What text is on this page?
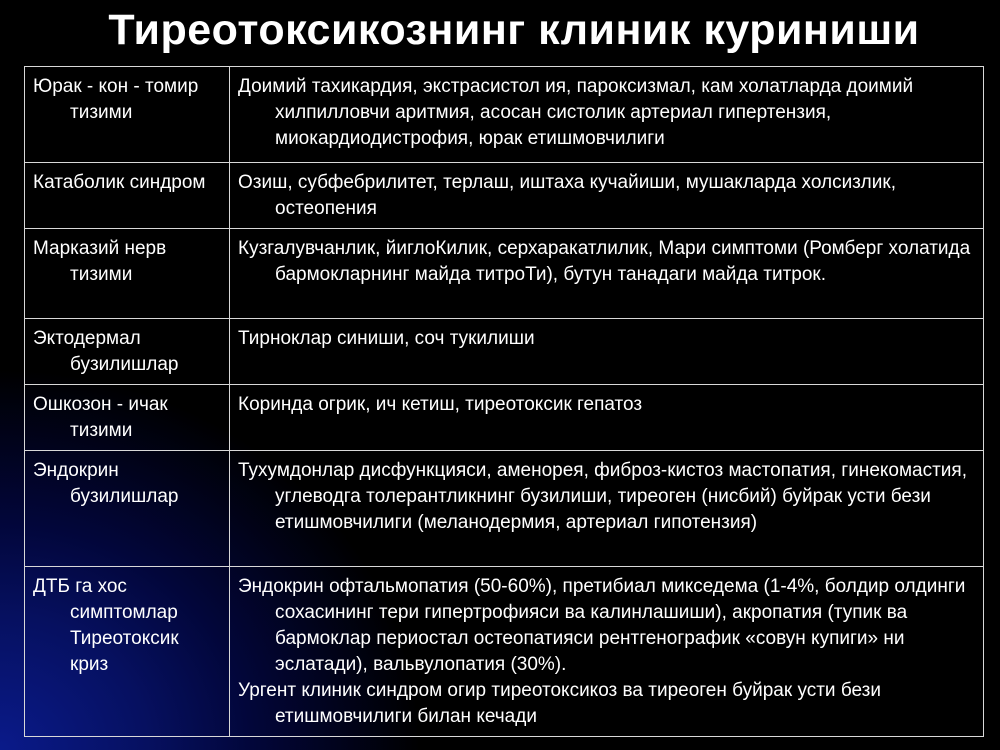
Тиреотоксикознинг клиник куриниши
Юрак - кон - томир тизими	Доимий тахикардия, экстрасистол ия, пароксизмал, кам холатларда доимий хилпилловчи аритмия, асосан систолик артериал гипертензия, миокардиодистрофия, юрак етишмовчилиги

Катаболик синдром	Озиш, субфебрилитет, терлаш, иштаха кучайиши, мушакларда холсизлик, остеопения

Марказий нерв тизими	Кузгалувчанлик, йиглоКилик, серхаракатлилик, Мари симптоми (Ромберг холатида бармокларнинг майда титроТи), бутун танадаги майда титрок.

Эктодермал бузилишлар	Тирноклар синиши, соч тукилиши

Ошкозон - ичак тизими	Коринда огрик, ич кетиш, тиреотоксик гепатоз

Эндокрин бузилишлар	Тухумдонлар дисфункцияси, аменорея, фиброз-кистоз мастопатия, гинекомастия, углеводга толерантликнинг бузилиши, тиреоген (нисбий) буйрак усти бези етишмовчилиги (меланодермия, артериал гипотензия)

ДТБ га хос симптомлар Тиреотоксик криз	Эндокрин офтальмопатия (50-60%), претибиал микседема (1-4%, болдир олдинги сохасининг тери гипертрофияси ва калинлашиши), акропатия (тупик ва бармоклар периостал остеопатияси рентгенографик «совун купиги» ни эслатади), вальвулопатия (30%).
Ургент клиник синдром огир тиреотоксикоз ва тиреоген буйрак усти бези етишмовчилиги билан кечади
